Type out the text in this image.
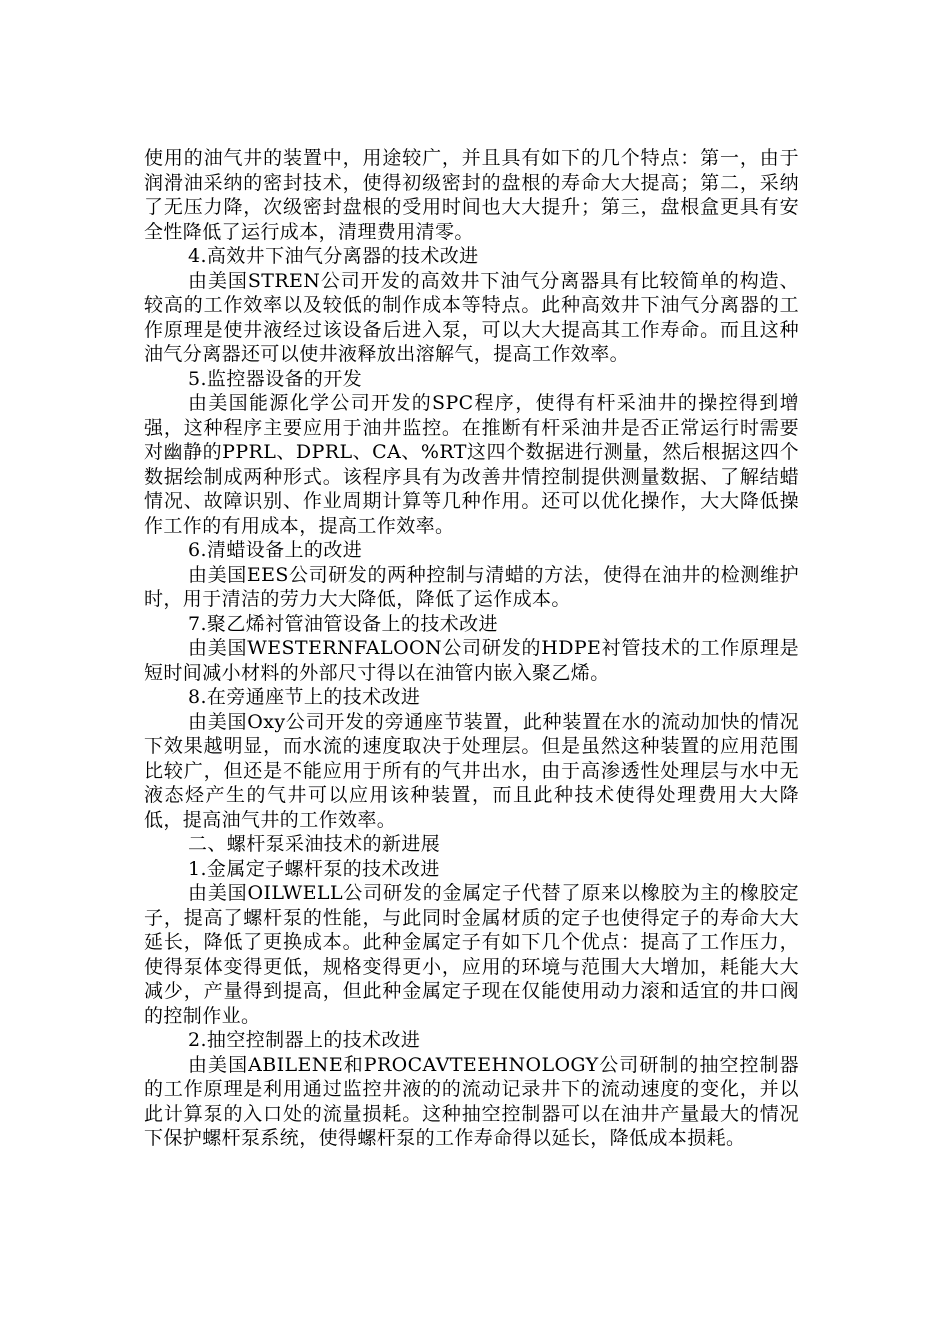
使用的油气井的装置中，用途较广，并且具有如下的几个特点：第一，由于润滑油采纳的密封技术，使得初级密封的盘根的寿命大大提高；第二，采纳了无压力降，次级密封盘根的受用时间也大大提升；第三，盘根盒更具有安全性降低了运行成本，清理费用清零。

4.高效井下油气分离器的技术改进

由美国STREN公司开发的高效井下油气分离器具有比较简单的构造、较高的工作效率以及较低的制作成本等特点。此种高效井下油气分离器的工作原理是使井液经过该设备后进入泵，可以大大提高其工作寿命。而且这种油气分离器还可以使井液释放出溶解气，提高工作效率。

5.监控器设备的开发

由美国能源化学公司开发的SPC程序，使得有杆采油井的操控得到增强，这种程序主要应用于油井监控。在推断有杆采油井是否正常运行时需要对幽静的PPRL、DPRL、CA、%RT这四个数据进行测量，然后根据这四个数据绘制成两种形式。该程序具有为改善井情控制提供测量数据、了解结蜡情况、故障识别、作业周期计算等几种作用。还可以优化操作，大大降低操作工作的有用成本，提高工作效率。

6.清蜡设备上的改进

由美国EES公司研发的两种控制与清蜡的方法，使得在油井的检测维护时，用于清洁的劳力大大降低，降低了运作成本。

7.聚乙烯衬管油管设备上的技术改进

由美国WESTERNFALOON公司研发的HDPE衬管技术的工作原理是短时间减小材料的外部尺寸得以在油管内嵌入聚乙烯。

8.在旁通座节上的技术改进

由美国Oxy公司开发的旁通座节装置，此种装置在水的流动加快的情况下效果越明显，而水流的速度取决于处理层。但是虽然这种装置的应用范围比较广，但还是不能应用于所有的气井出水，由于高渗透性处理层与水中无液态烃产生的气井可以应用该种装置，而且此种技术使得处理费用大大降低，提高油气井的工作效率。

二、螺杆泵采油技术的新进展

1.金属定子螺杆泵的技术改进

由美国OILWELL公司研发的金属定子代替了原来以橡胶为主的橡胶定子，提高了螺杆泵的性能，与此同时金属材质的定子也使得定子的寿命大大延长，降低了更换成本。此种金属定子有如下几个优点：提高了工作压力，使得泵体变得更低，规格变得更小，应用的环境与范围大大增加，耗能大大减少，产量得到提高，但此种金属定子现在仅能使用动力滚和适宜的井口阀的控制作业。

2.抽空控制器上的技术改进

由美国ABILENE和PROCAVTEEHNOLOGY公司研制的抽空控制器的工作原理是利用通过监控井液的的流动记录井下的流动速度的变化，并以此计算泵的入口处的流量损耗。这种抽空控制器可以在油井产量最大的情况下保护螺杆泵系统，使得螺杆泵的工作寿命得以延长，降低成本损耗。
